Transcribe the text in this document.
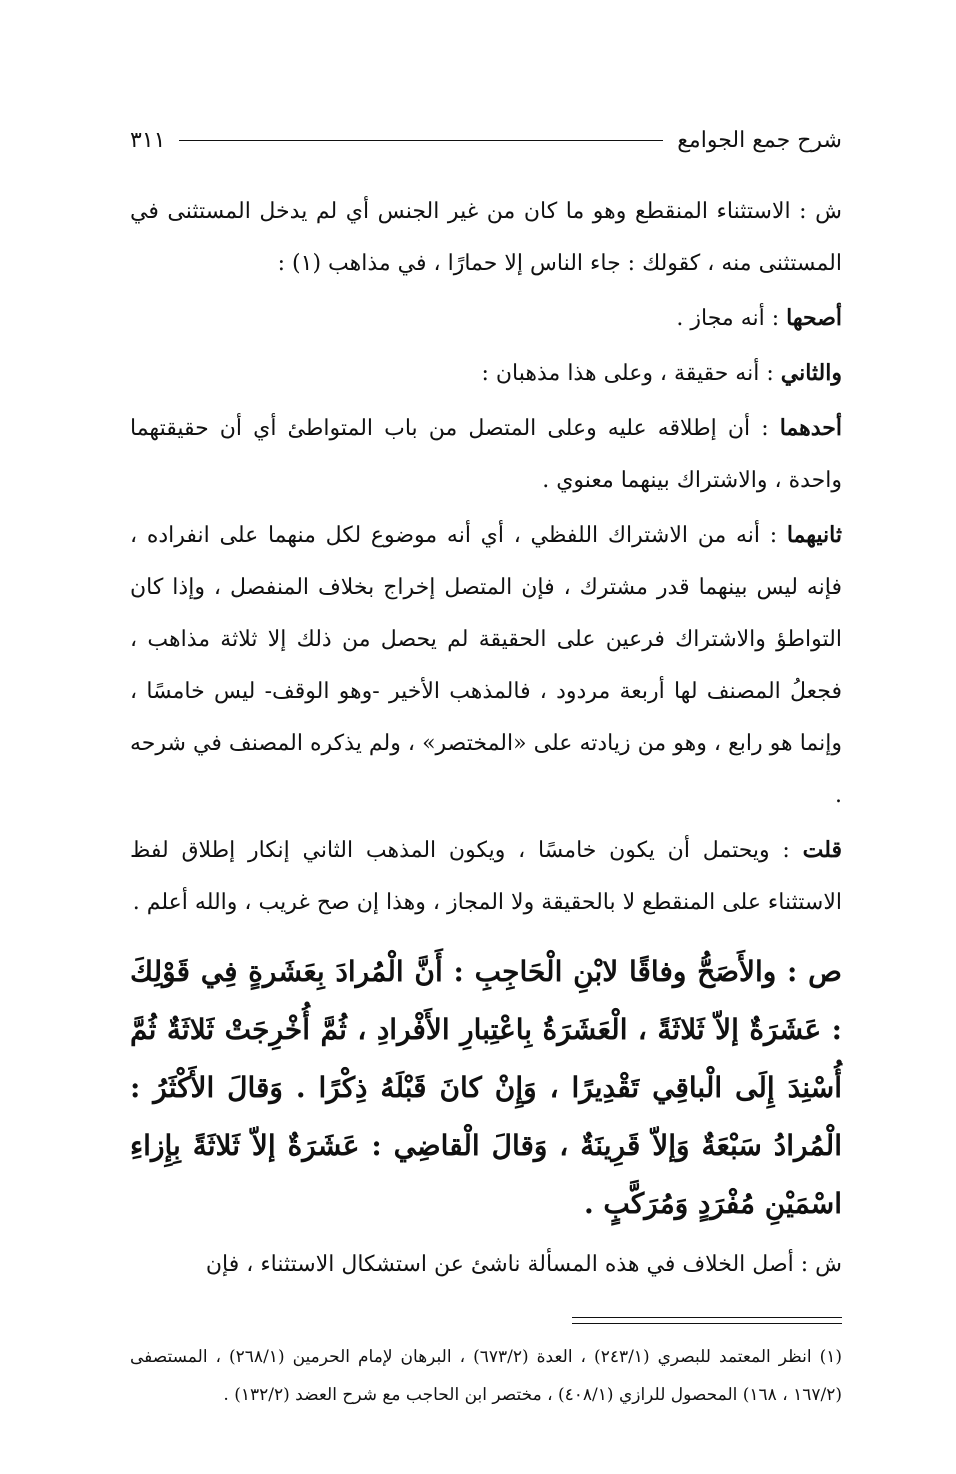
شرح جمع الجوامع
٣١١

ش : الاستثناء المنقطع وهو ما كان من غير الجنس أي لم يدخل المستثنى في المستثنى منه ، كقولك : جاء الناس إلا حمارًا ، في مذاهب (١) :

أصحها : أنه مجاز .

والثاني : أنه حقيقة ، وعلى هذا مذهبان :

أحدهما : أن إطلاقه عليه وعلى المتصل من باب المتواطئ أي أن حقيقتهما واحدة ، والاشتراك بينهما معنوي .

ثانيهما : أنه من الاشتراك اللفظي ، أي أنه موضوع لكل منهما على انفراده ، فإنه ليس بينهما قدر مشترك ، فإن المتصل إخراج بخلاف المنفصل ، وإذا كان التواطؤ والاشتراك فرعين على الحقيقة لم يحصل من ذلك إلا ثلاثة مذاهب ، فجعلُ المصنف لها أربعة مردود ، فالمذهب الأخير -وهو الوقف- ليس خامسًا ، وإنما هو رابع ، وهو من زيادته على «المختصر» ، ولم يذكره المصنف في شرحه .

قلت : ويحتمل أن يكون خامسًا ، ويكون المذهب الثاني إنكار إطلاق لفظ الاستثناء على المنقطع لا بالحقيقة ولا المجاز ، وهذا إن صح غريب ، والله أعلم .

ص : والأَصَحُّ وفاقًا لابْنِ الْحَاجِبِ : أَنَّ الْمُرادَ بِعَشَرةٍ فِي قَوْلِكَ : عَشَرَةٌ إلاّ ثَلاثَةً ، الْعَشَرَةُ بِاعْتِبارِ الأَفْرادِ ، ثُمَّ أُخْرِجَتْ ثَلاثَةٌ ثُمَّ أُسْنِدَ إِلَى الْباقِي تَقْدِيرًا ، وَإِنْ كانَ قَبْلَهُ ذِكْرًا . وَقالَ الأَكْثَرُ : الْمُرادُ سَبْعَةٌ وَإلاّ قَرِينَةٌ ، وَقالَ الْقاضِي : عَشَرَةٌ إلاّ ثَلاثَةً بِإِزاءِ اسْمَيْنِ مُفْرَدٍ وَمُرَكَّبٍ .

ش : أصل الخلاف في هذه المسألة ناشئ عن استشكال الاستثناء ، فإن

(١) انظر المعتمد للبصري (٢٤٣/١) ، العدة (٦٧٣/٢) ، البرهان لإمام الحرمين (٢٦٨/١) ، المستصفى (١٦٧/٢ ، ١٦٨) المحصول للرازي (٤٠٨/١) ، مختصر ابن الحاجب مع شرح العضد (١٣٢/٢) .
